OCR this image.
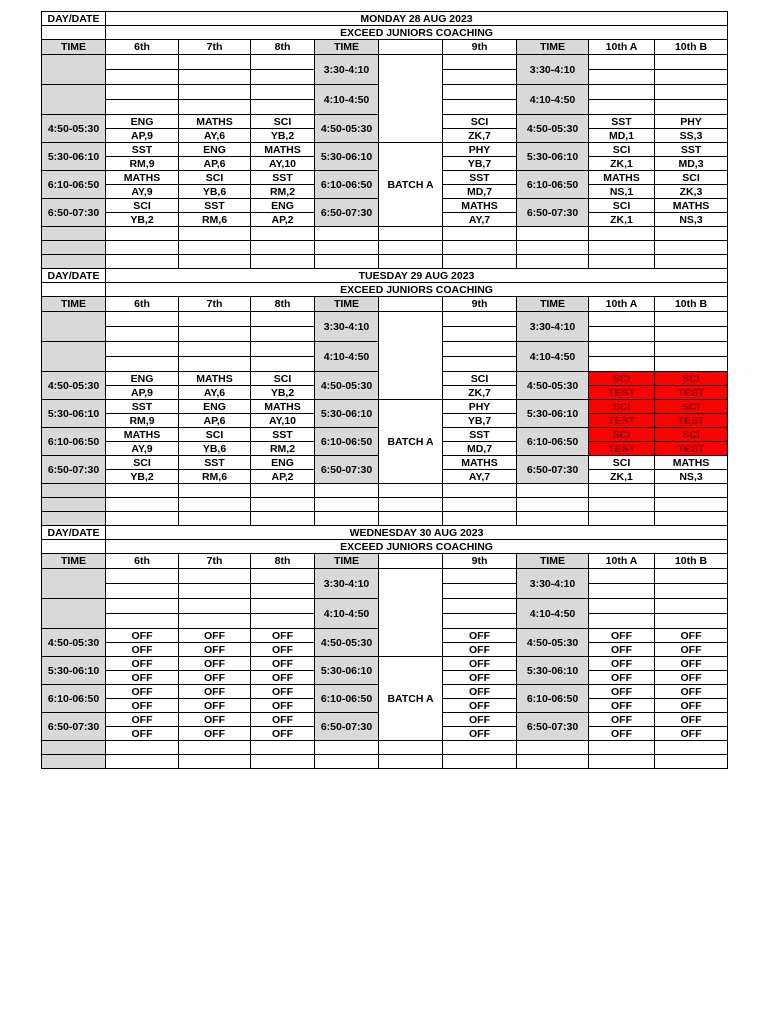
DAY/DATE	MONDAY 28 AUG 2023								
	EXCEED JUNIORS COACHING								
TIME	6th	7th	8th	TIME		9th	TIME	10th A	10th B
				3:30-4:10			3:30-4:10		

				4:10-4:50			4:10-4:50		

4:50-05:30	ENG	MATHS	SCI	4:50-05:30		SCI	4:50-05:30	SST	PHY
	AP,9	AY,6	YB,2			ZK,7		MD,1	SS,3
5:30-06:10	SST	ENG	MATHS	5:30-06:10	BATCH A	PHY	5:30-06:10	SCI	SST
	RM,9	AP,6	AY,10			YB,7		ZK,1	MD,3
6:10-06:50	MATHS	SCI	SST	6:10-06:50		SST	6:10-06:50	MATHS	SCI
	AY,9	YB,6	RM,2			MD,7		NS,1	ZK,3
6:50-07:30	SCI	SST	ENG	6:50-07:30		MATHS	6:50-07:30	SCI	MATHS
	YB,2	RM,6	AP,2			AY,7		ZK,1	NS,3

DAY/DATE	TUESDAY 29 AUG 2023								
	EXCEED JUNIORS COACHING								
TIME	6th	7th	8th	TIME		9th	TIME	10th A	10th B
				3:30-4:10			3:30-4:10		

				4:10-4:50			4:10-4:50		

4:50-05:30	ENG	MATHS	SCI	4:50-05:30		SCI	4:50-05:30	SCI	SCI
	AP,9	AY,6	YB,2			ZK,7		TEST	TEST
5:30-06:10	SST	ENG	MATHS	5:30-06:10	BATCH A	PHY	5:30-06:10	SCI	SCI
	RM,9	AP,6	AY,10			YB,7		TEST	TEST
6:10-06:50	MATHS	SCI	SST	6:10-06:50		SST	6:10-06:50	SCI	SCI
	AY,9	YB,6	RM,2			MD,7		TEST	TEST
6:50-07:30	SCI	SST	ENG	6:50-07:30		MATHS	6:50-07:30	SCI	MATHS
	YB,2	RM,6	AP,2			AY,7		ZK,1	NS,3

DAY/DATE	WEDNESDAY 30 AUG 2023								
	EXCEED JUNIORS COACHING								
TIME	6th	7th	8th	TIME		9th	TIME	10th A	10th B
				3:30-4:10			3:30-4:10		

				4:10-4:50			4:10-4:50		

4:50-05:30	OFF	OFF	OFF	4:50-05:30		OFF	4:50-05:30	OFF	OFF
	OFF	OFF	OFF			OFF		OFF	OFF
5:30-06:10	OFF	OFF	OFF	5:30-06:10	BATCH A	OFF	5:30-06:10	OFF	OFF
	OFF	OFF	OFF			OFF		OFF	OFF
6:10-06:50	OFF	OFF	OFF	6:10-06:50		OFF	6:10-06:50	OFF	OFF
	OFF	OFF	OFF			OFF		OFF	OFF
6:50-07:30	OFF	OFF	OFF	6:50-07:30		OFF	6:50-07:30	OFF	OFF
	OFF	OFF	OFF			OFF		OFF	OFF
